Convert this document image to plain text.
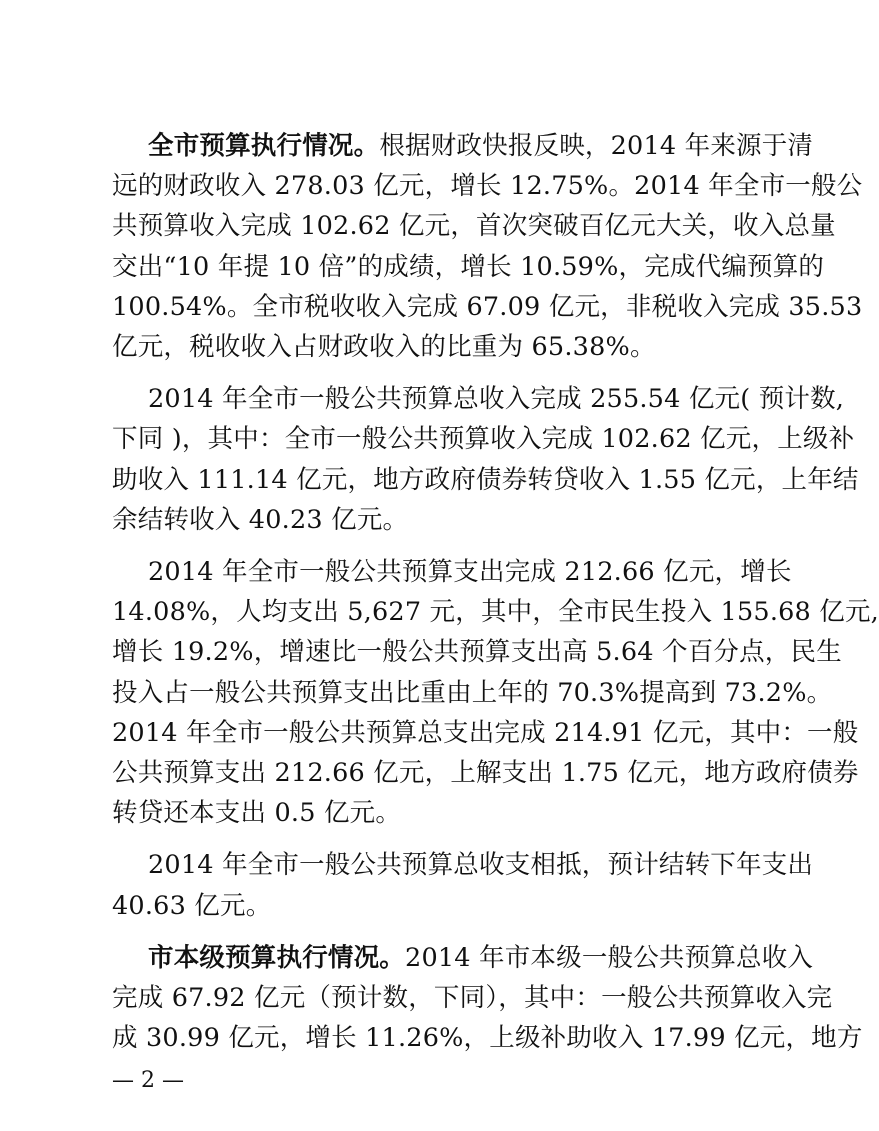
全市预算执行情况。根据财政快报反映，2014 年来源于清
远的财政收入 278.03 亿元，增长 12.75%。2014 年全市一般公
共预算收入完成 102.62 亿元，首次突破百亿元大关，收入总量
交出“10 年提 10 倍”的成绩，增长 10.59%，完成代编预算的
100.54%。全市税收收入完成 67.09 亿元，非税收入完成 35.53
亿元，税收收入占财政收入的比重为 65.38%。
2014 年全市一般公共预算总收入完成 255.54 亿元( 预计数,
下同 )，其中：全市一般公共预算收入完成 102.62 亿元，上级补
助收入 111.14 亿元，地方政府债券转贷收入 1.55 亿元，上年结
余结转收入 40.23 亿元。
2014 年全市一般公共预算支出完成 212.66 亿元，增长
14.08%，人均支出 5,627 元，其中，全市民生投入 155.68 亿元,
增长 19.2%，增速比一般公共预算支出高 5.64 个百分点，民生
投入占一般公共预算支出比重由上年的 70.3%提高到 73.2%。
2014 年全市一般公共预算总支出完成 214.91 亿元，其中：一般
公共预算支出 212.66 亿元，上解支出 1.75 亿元，地方政府债券
转贷还本支出 0.5 亿元。
2014 年全市一般公共预算总收支相抵，预计结转下年支出
40.63 亿元。
市本级预算执行情况。2014 年市本级一般公共预算总收入
完成 67.92 亿元（预计数，下同），其中：一般公共预算收入完
成 30.99 亿元，增长 11.26%，上级补助收入 17.99 亿元，地方
— 2 —
